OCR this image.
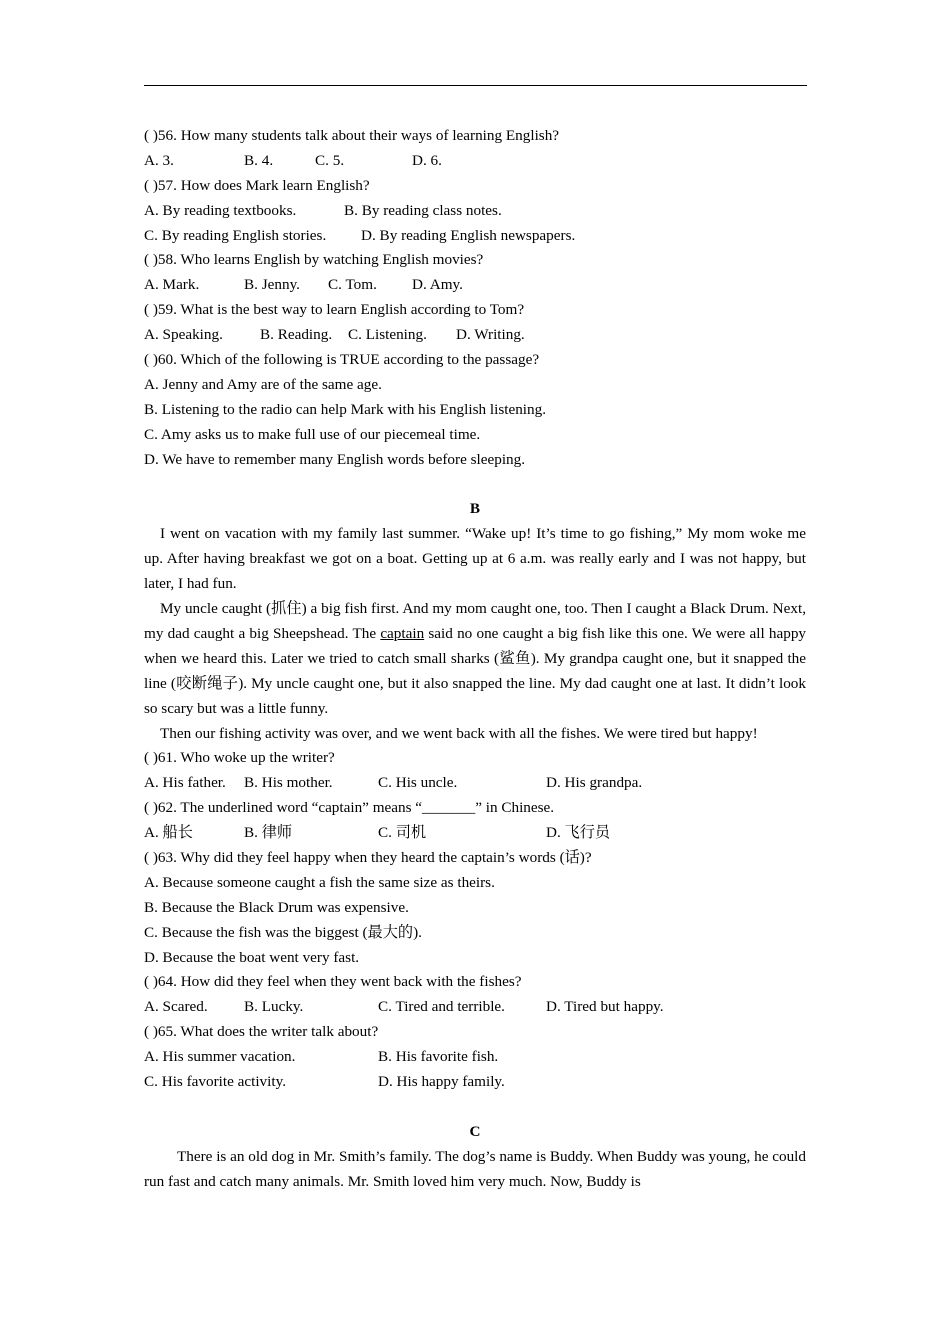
( )56. How many students talk about their ways of learning English?
A. 3.	B. 4.	C. 5.	D. 6.
( )57. How does Mark learn English?
A. By reading textbooks.	B. By reading class notes.
C. By reading English stories.	D. By reading English newspapers.
( )58. Who learns English by watching English movies?
A. Mark.	B. Jenny.	C. Tom.	D. Amy.
( )59. What is the best way to learn English according to Tom?
A. Speaking.	B. Reading.	C. Listening.	D. Writing.
( )60. Which of the following is TRUE according to the passage?
A. Jenny and Amy are of the same age.
B. Listening to the radio can help Mark with his English listening.
C. Amy asks us to make full use of our piecemeal time.
D. We have to remember many English words before sleeping.
B
I went on vacation with my family last summer. “Wake up! It’s time to go fishing,” My mom woke me up. After having breakfast we got on a boat. Getting up at 6 a.m. was really early and I was not happy, but later, I had fun.
My uncle caught (抓住) a big fish first. And my mom caught one, too. Then I caught a Black Drum. Next, my dad caught a big Sheepshead. The captain said no one caught a big fish like this one. We were all happy when we heard this. Later we tried to catch small sharks (鲨鱼). My grandpa caught one, but it snapped the line (咬断绳子). My uncle caught one, but it also snapped the line. My dad caught one at last. It didn’t look so scary but was a little funny.
Then our fishing activity was over, and we went back with all the fishes. We were tired but happy!
( )61. Who woke up the writer?
A. His father.	B. His mother.	C. His uncle.	D. His grandpa.
( )62. The underlined word “captain” means “_______” in Chinese.
A. 船长	B. 律师	C. 司机	D. 飞行员
( )63. Why did they feel happy when they heard the captain’s words (话)?
A. Because someone caught a fish the same size as theirs.
B. Because the Black Drum was expensive.
C. Because the fish was the biggest (最大的).
D. Because the boat went very fast.
( )64. How did they feel when they went back with the fishes?
A. Scared.	B. Lucky.	C. Tired and terrible.	D. Tired but happy.
( )65. What does the writer talk about?
A. His summer vacation.	B. His favorite fish.
C. His favorite activity.	D. His happy family.
C
There is an old dog in Mr. Smith’s family. The dog’s name is Buddy. When Buddy was young, he could run fast and catch many animals. Mr. Smith loved him very much. Now, Buddy is
